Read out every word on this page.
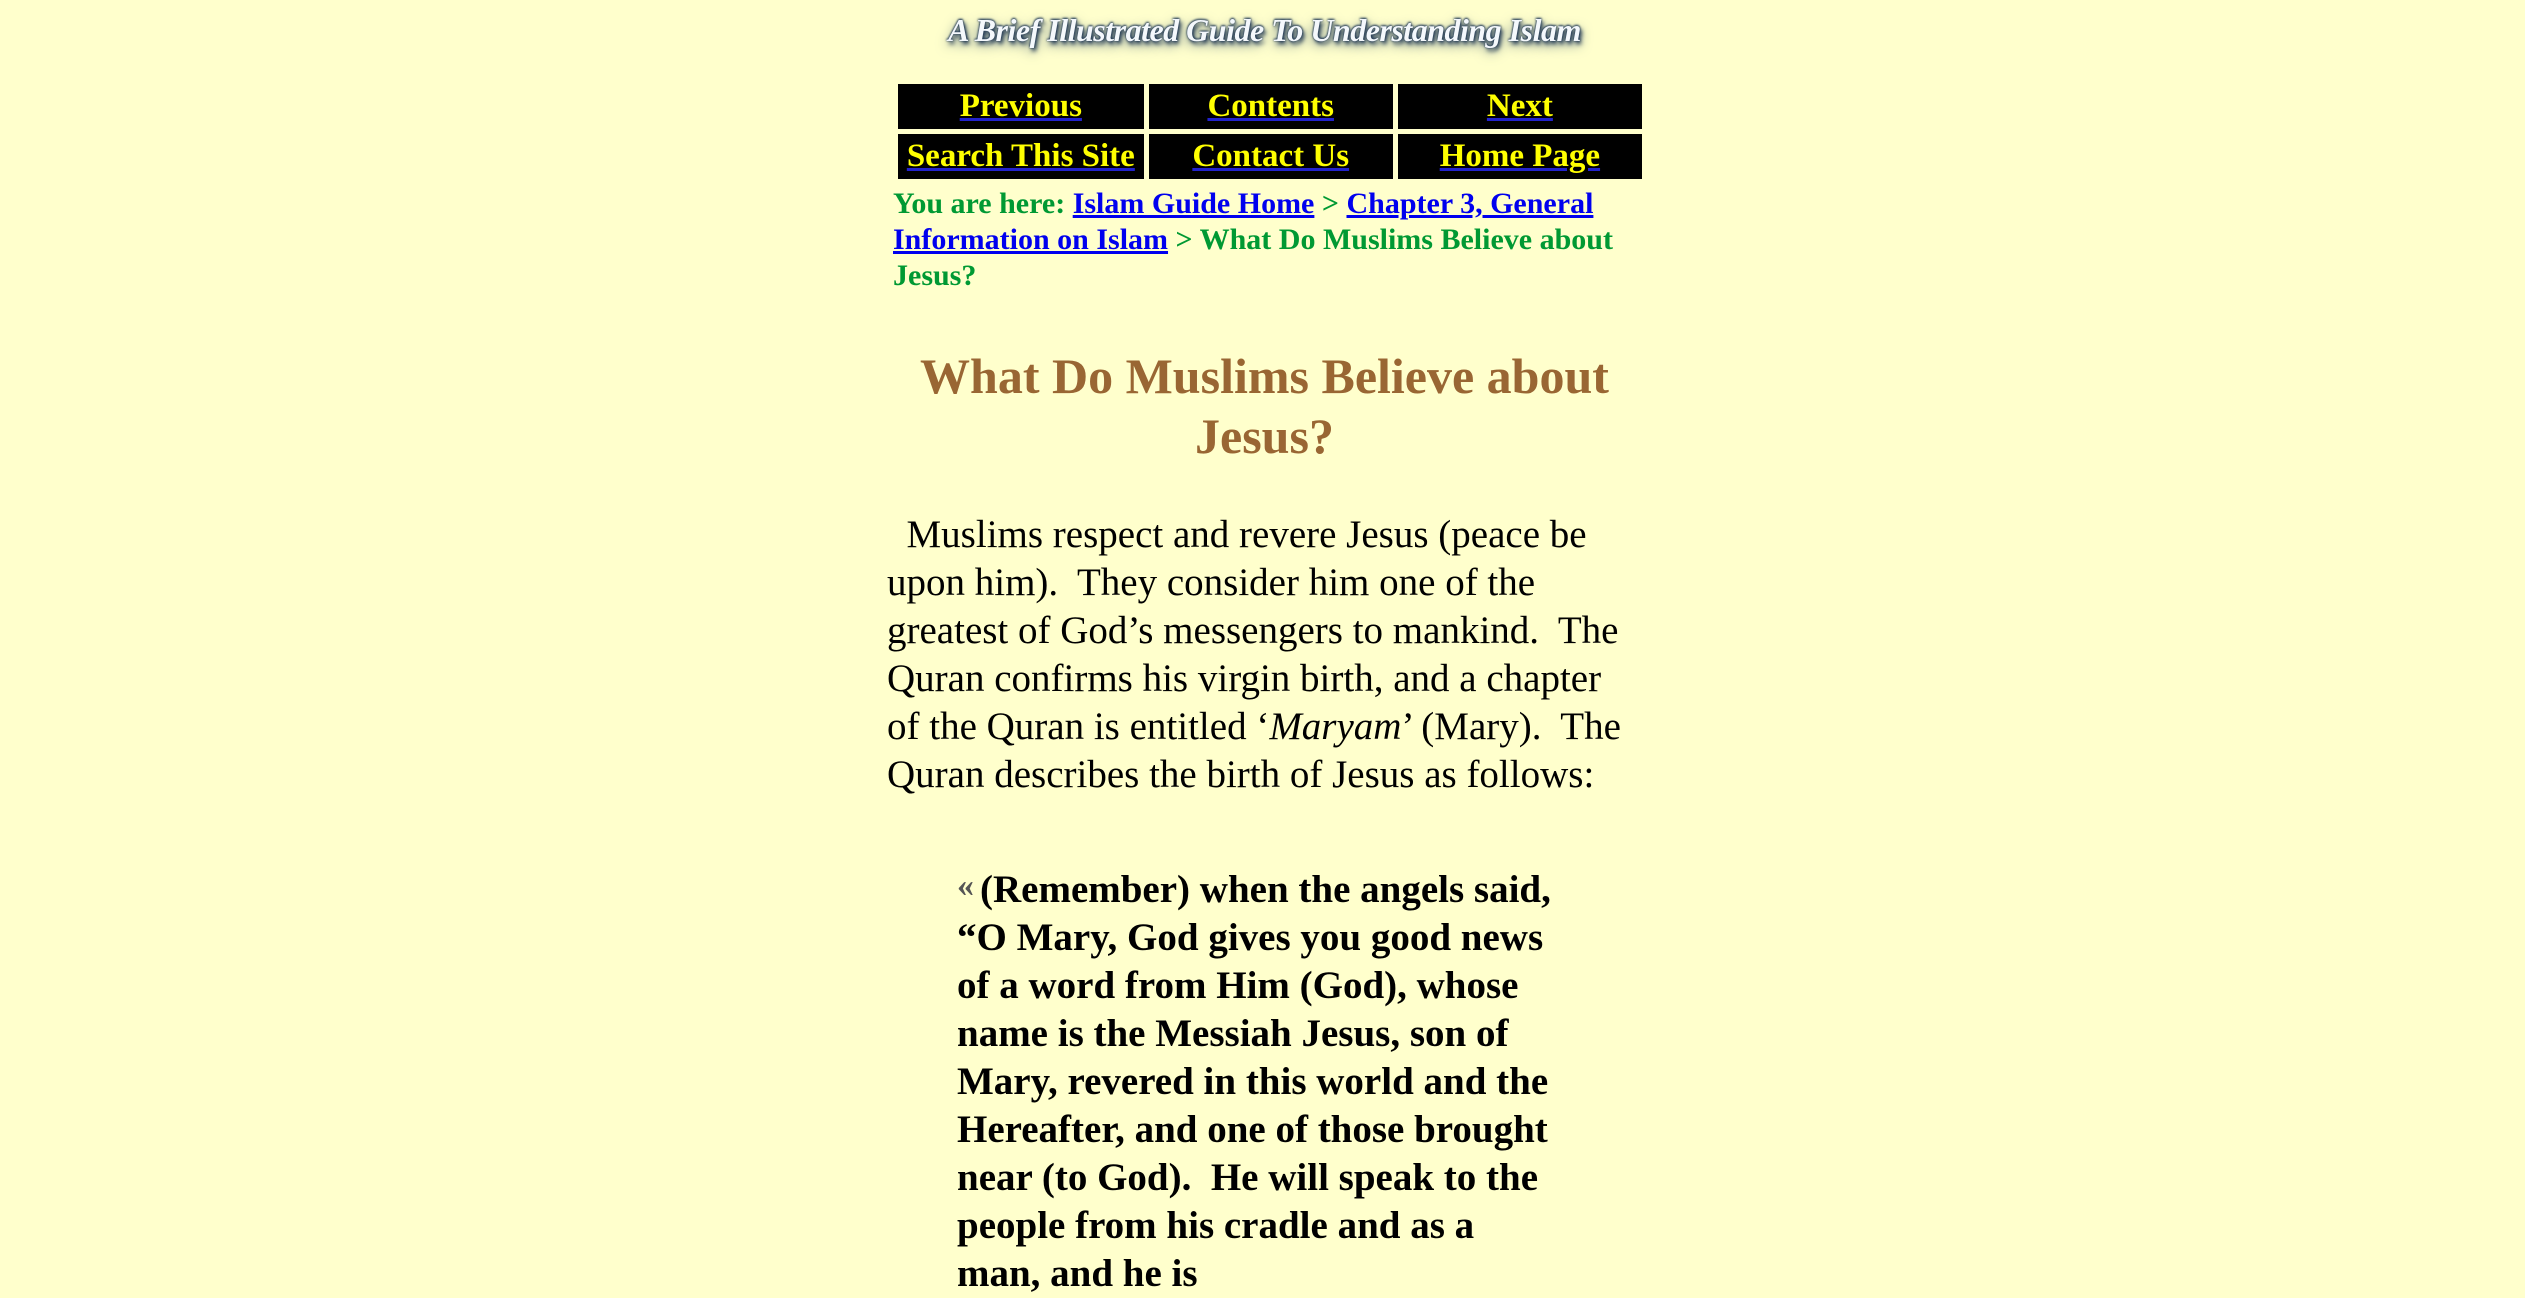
A Brief Illustrated Guide To Understanding Islam
Previous	Contents	Next
Search This Site	Contact Us	Home Page
You are here: Islam Guide Home > Chapter 3, General Information on Islam > What Do Muslims Believe about Jesus?
What Do Muslims Believe about
Jesus?

Muslims respect and revere Jesus (peace be upon him).  They consider him one of the greatest of God’s messengers to mankind.  The Quran confirms his virgin birth, and a chapter of the Quran is entitled ‘Maryam’ (Mary).  The Quran describes the birth of Jesus as follows:

« (Remember) when the angels said, “O Mary, God gives you good news of a word from Him (God), whose name is the Messiah Jesus, son of Mary, revered in this world and the Hereafter, and one of those brought near (to God).  He will speak to the people from his cradle and as a man, and he is
